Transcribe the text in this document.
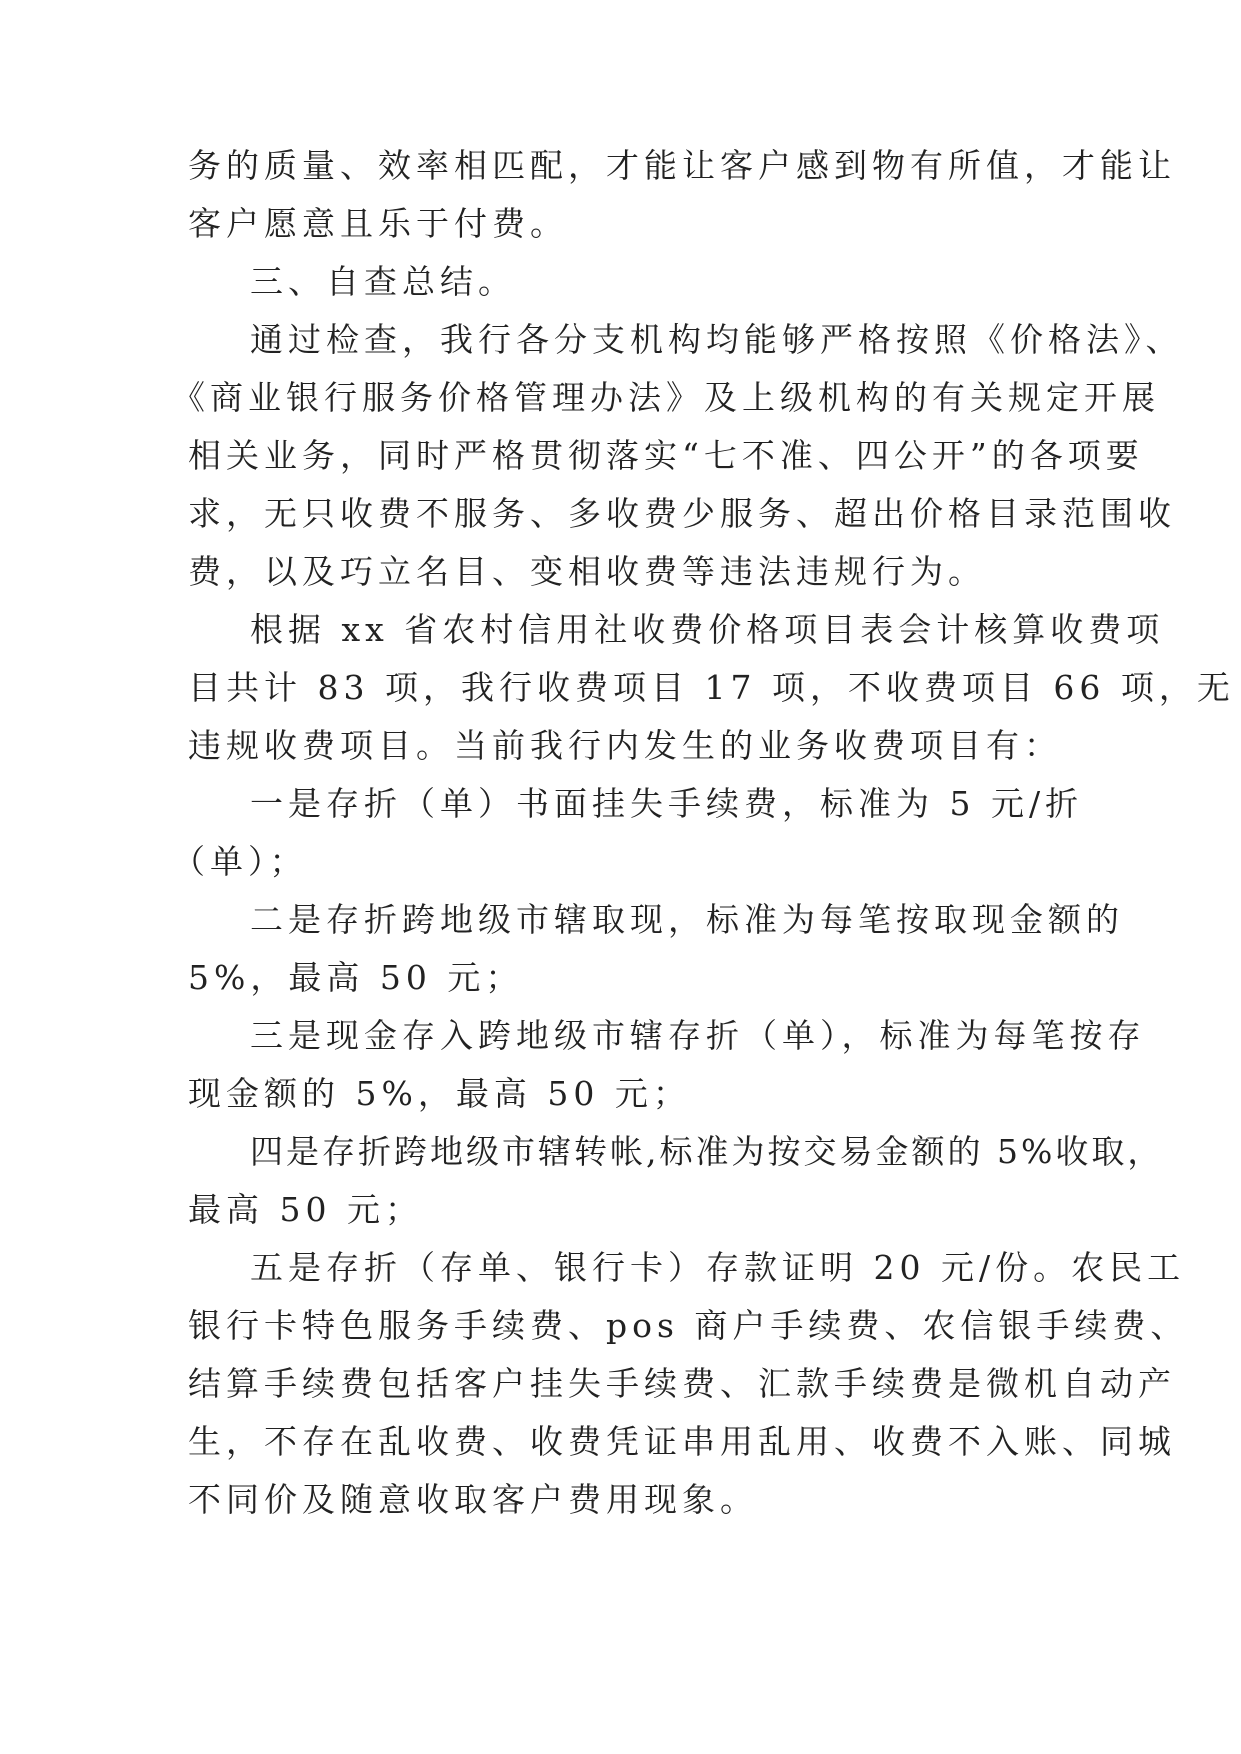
务的质量、效率相匹配，才能让客户感到物有所值，才能让
客户愿意且乐于付费。
三、自查总结。
通过检查，我行各分支机构均能够严格按照《价格法》、
《商业银行服务价格管理办法》及上级机构的有关规定开展
相关业务，同时严格贯彻落实“七不准、四公开”的各项要
求，无只收费不服务、多收费少服务、超出价格目录范围收
费，以及巧立名目、变相收费等违法违规行为。
根据 xx 省农村信用社收费价格项目表会计核算收费项
目共计 83 项，我行收费项目 17 项，不收费项目 66 项，无
违规收费项目。当前我行内发生的业务收费项目有：
一是存折（单）书面挂失手续费，标准为 5 元/折
（单）；
二是存折跨地级市辖取现，标准为每笔按取现金额的
5%，最高 50 元；
三是现金存入跨地级市辖存折（单），标准为每笔按存
现金额的 5%，最高 50 元；
四是存折跨地级市辖转帐,标准为按交易金额的 5%收取，
最高 50 元；
五是存折（存单、银行卡）存款证明 20 元/份。农民工
银行卡特色服务手续费、pos 商户手续费、农信银手续费、
结算手续费包括客户挂失手续费、汇款手续费是微机自动产
生，不存在乱收费、收费凭证串用乱用、收费不入账、同城
不同价及随意收取客户费用现象。
